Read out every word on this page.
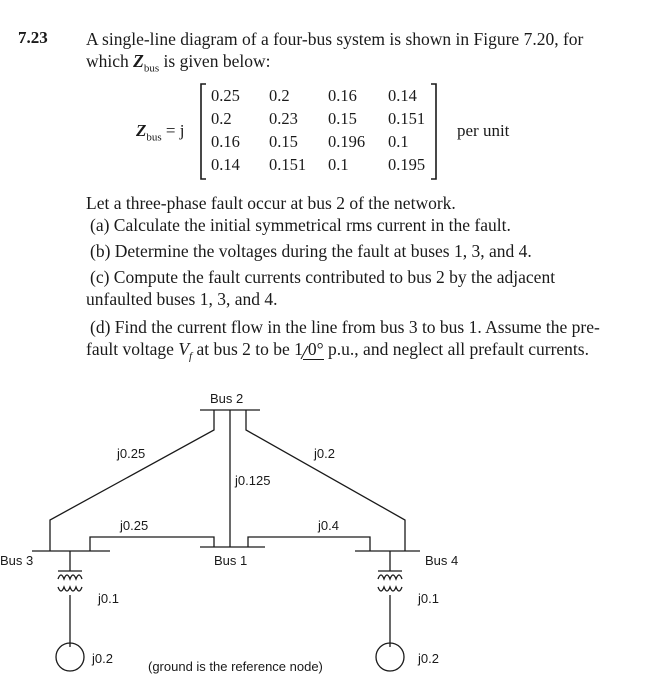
7.23 A single-line diagram of a four-bus system is shown in Figure 7.20, for
which $Z_{bus}$ is given below:
$Z_{bus} = j$
0.25 0.2 0.16 0.14
0.2 0.23 0.15 0.151
0.16 0.15 0.196 0.1
0.14 0.151 0.1 0.195
per unit
Let a three-phase fault occur at bus 2 of the network.
(a) Calculate the initial symmetrical rms current in the fault.
(b) Determine the voltages during the fault at buses 1, 3, and 4.
(c) Compute the fault currents contributed to bus 2 by the adjacent
unfaulted buses 1, 3, and 4.
(d) Find the current flow in the line from bus 3 to bus 1. Assume the pre-
fault voltage $V_f$ at bus 2 to be 1 0° p.u., and neglect all prefault currents.
Bus 2
Bus 1
Bus 3	Bus 4
j0.25	j0.2
j0.125
j0.25	j0.4
j0.1	j0.1
j0.2	j0.2
(ground is the reference node)
